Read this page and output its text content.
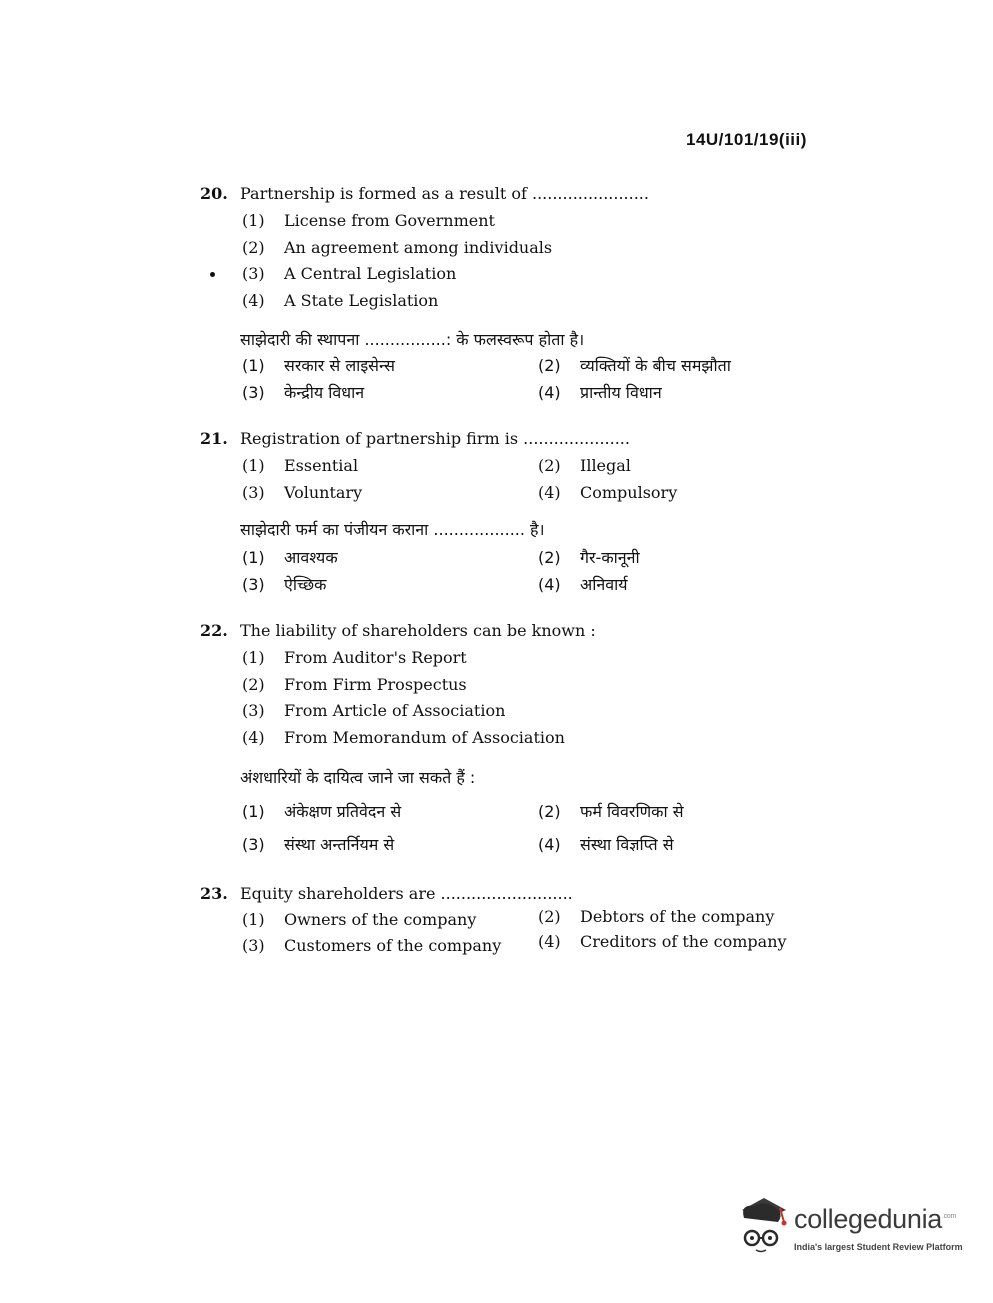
14U/101/19(iii)
20. Partnership is formed as a result of .......................
(1) License from Government
(2) An agreement among individuals
(3) A Central Legislation
(4) A State Legislation
साझेदारी की स्थापना ................: के फलस्वरूप होता है।
(1) सरकार से लाइसेन्स	(2) व्यक्तियों के बीच समझौता
(3) केन्द्रीय विधान	(4) प्रान्तीय विधान
21. Registration of partnership firm is .....................
(1) Essential	(2) Illegal
(3) Voluntary	(4) Compulsory
साझेदारी फर्म का पंजीयन कराना .................. है।
(1) आवश्यक	(2) गैर-कानूनी
(3) ऐच्छिक	(4) अनिवार्य
22. The liability of shareholders can be known :
(1) From Auditor's Report
(2) From Firm Prospectus
(3) From Article of Association
(4) From Memorandum of Association
अंशधारियों के दायित्व जाने जा सकते हैं :
(1) अंकेक्षण प्रतिवेदन से	(2) फर्म विवरणिका से
(3) संस्था अन्तर्नियम से	(4) संस्था विज्ञप्ति से
23. Equity shareholders are ..........................
(1) Owners of the company	(2) Debtors of the company
(3) Customers of the company (4) Creditors of the company
collegedunia$^{.com}$
India's largest Student Review Platform
